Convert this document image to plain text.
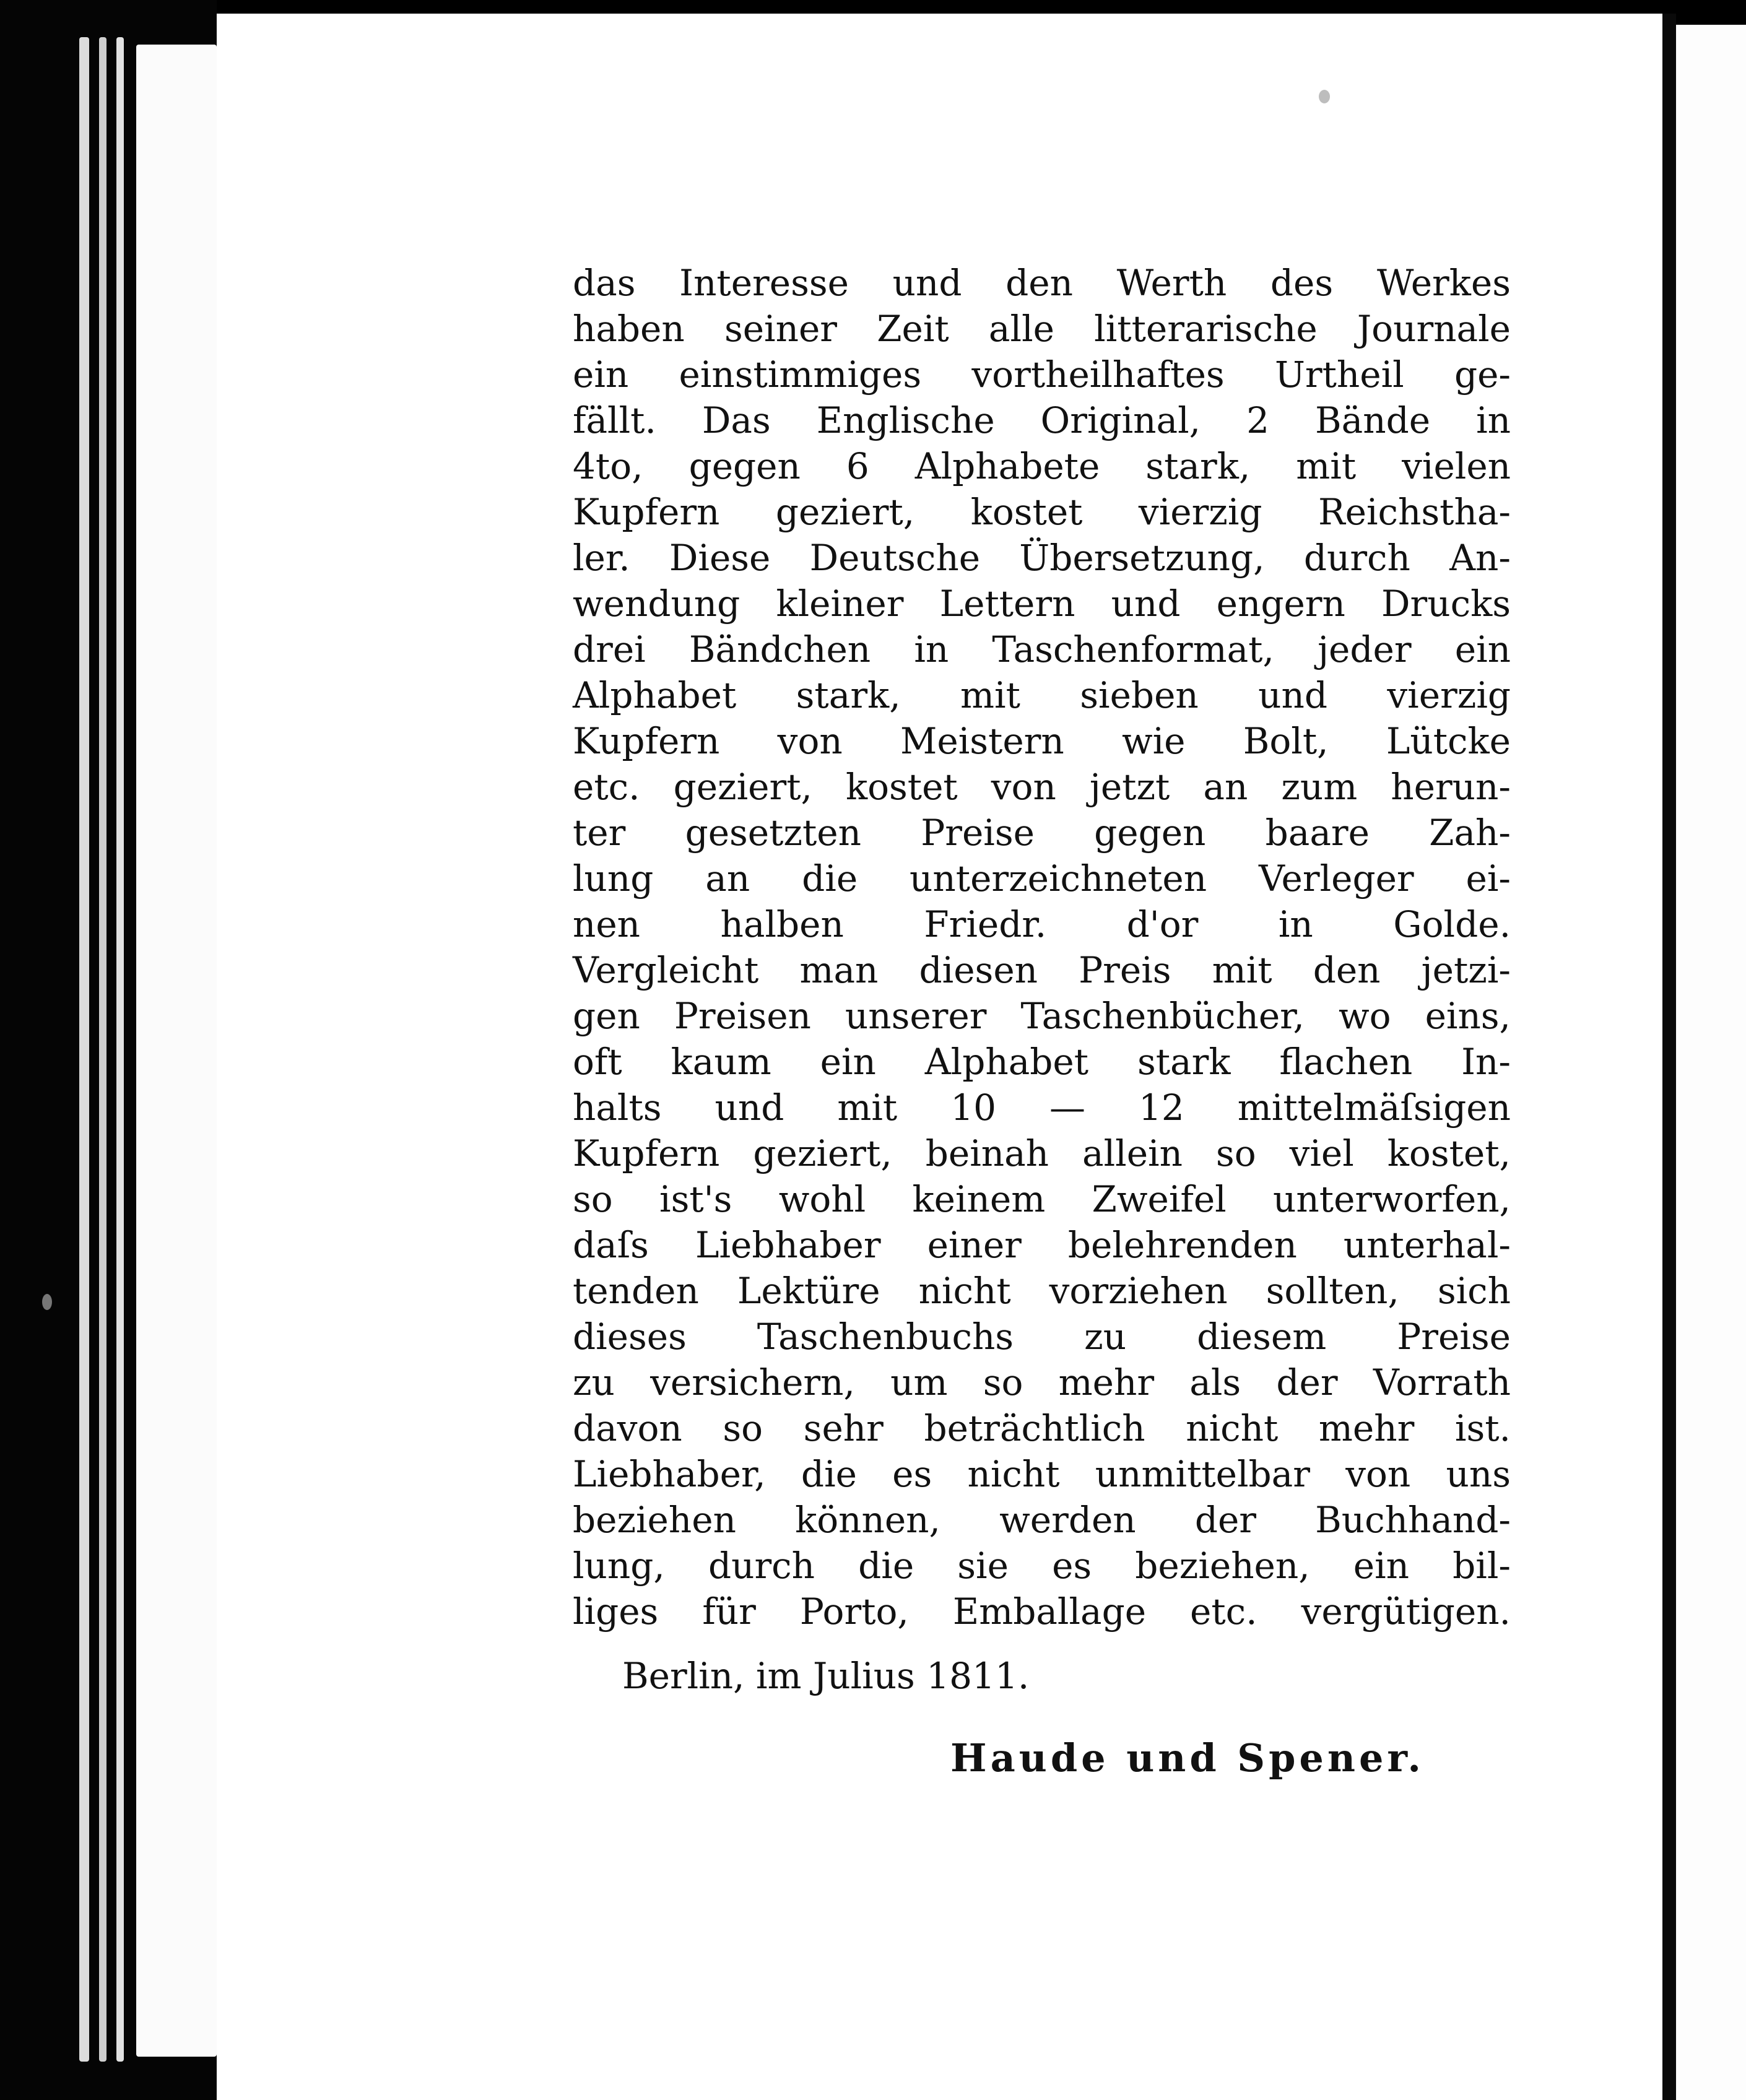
das Interesse und den Werth des Werkes
haben seiner Zeit alle litterarische Journale
ein einstimmiges vortheilhaftes Urtheil ge-
fällt. Das Englische Original, 2 Bände in
4to, gegen 6 Alphabete stark, mit vielen
Kupfern geziert, kostet vierzig Reichstha-
ler. Diese Deutsche Übersetzung, durch An-
wendung kleiner Lettern und engern Drucks
drei Bändchen in Taschenformat, jeder ein
Alphabet stark, mit sieben und vierzig
Kupfern von Meistern wie Bolt, Lütcke
etc. geziert, kostet von jetzt an zum herun-
ter gesetzten Preise gegen baare Zah-
lung an die unterzeichneten Verleger ei-
nen halben Friedr. d'or in Golde.
Vergleicht man diesen Preis mit den jetzi-
gen Preisen unserer Taschenbücher, wo eins,
oft kaum ein Alphabet stark flachen In-
halts und mit 10 — 12 mittelmäſsigen
Kupfern geziert, beinah allein so viel kostet,
so ist's wohl keinem Zweifel unterworfen,
daſs Liebhaber einer belehrenden unterhal-
tenden Lektüre nicht vorziehen sollten, sich
dieses Taschenbuchs zu diesem Preise
zu versichern, um so mehr als der Vorrath
davon so sehr beträchtlich nicht mehr ist.
Liebhaber, die es nicht unmittelbar von uns
beziehen können, werden der Buchhand-
lung, durch die sie es beziehen, ein bil-
liges für Porto, Emballage etc. vergütigen.
Berlin, im Julius 1811.
Haude und Spener.
